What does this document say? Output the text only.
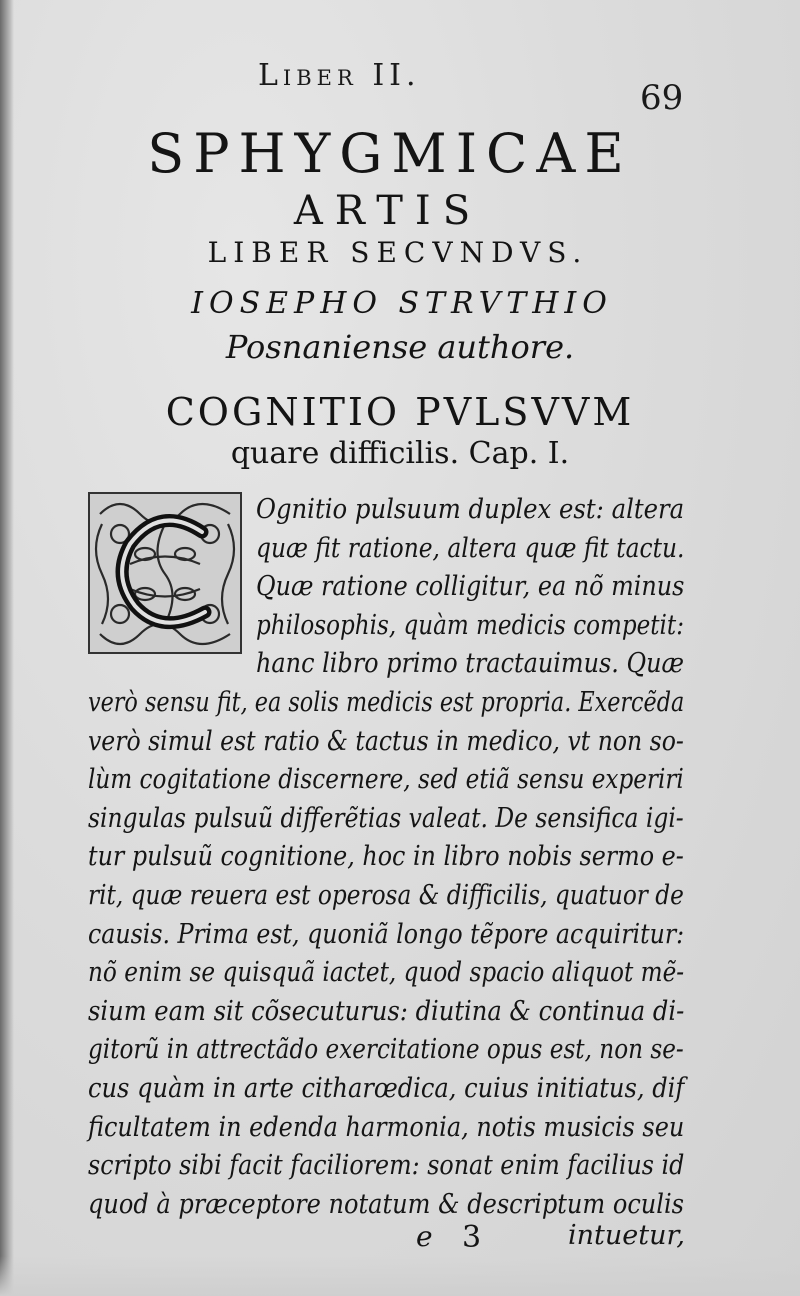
Liber II.
69
SPHYGMICAE
ARTIS
LIBER SECVNDVS.
IOSEPHO STRVTHIO
Posnaniense authore.
COGNITIO PVLSVVM
quare difficilis. Cap. I.
Ognitio pulsuum duplex est: altera
quæ fit ratione, altera quæ fit tactu.
Quæ ratione colligitur, ea nõ minus
philosophis, quàm medicis competit:
hanc libro primo tractauimus. Quæ
verò sensu fit, ea solis medicis est propria. Exercẽda
verò simul est ratio & tactus in medico, vt non so-
lùm cogitatione discernere, sed etiã sensu experiri
singulas pulsuũ differẽtias valeat. De sensifica igi-
tur pulsuũ cognitione, hoc in libro nobis sermo e-
rit, quæ reuera est operosa & difficilis, quatuor de
causis. Prima est, quoniã longo tẽpore acquiritur:
nõ enim se quisquã iactet, quod spacio aliquot mẽ-
sium eam sit cõsecuturus: diutina & continua di-
gitorũ in attrectãdo exercitatione opus est, non se-
cus quàm in arte citharœdica, cuius initiatus, dif
ficultatem in edenda harmonia, notis musicis seu
scripto sibi facit faciliorem: sonat enim facilius id
quod à præceptore notatum & descriptum oculis
e 3	intuetur,
